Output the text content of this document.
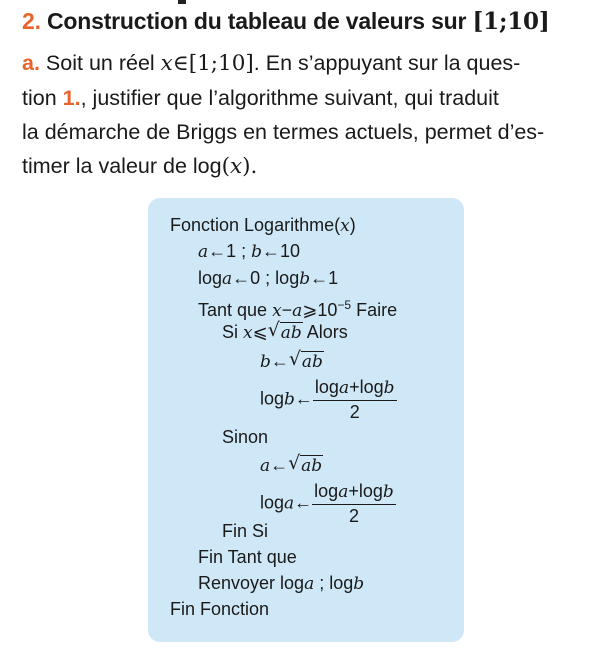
2. Construction du tableau de valeurs sur [1;10]
a. Soit un réel x∈[1;10]. En s’appuyant sur la ques-
tion 1., justifier que l’algorithme suivant, qui traduit
la démarche de Briggs en termes actuels, permet d’es-
timer la valeur de log(x).
Fonction Logarithme(x)
a←1 ; b←10
loga←0 ; logb←1
Tant que $x-a⩾10^{-5}$ Faire
Si x⩽ √ ab Alors
b← √ ab
logb← $\frac{\log a+\log b}{2}$
Sinon
a← √ ab
loga← $\frac{\log a+\log b}{2}$
Fin Si
Fin Tant que
Renvoyer loga ; logb
Fin Fonction
